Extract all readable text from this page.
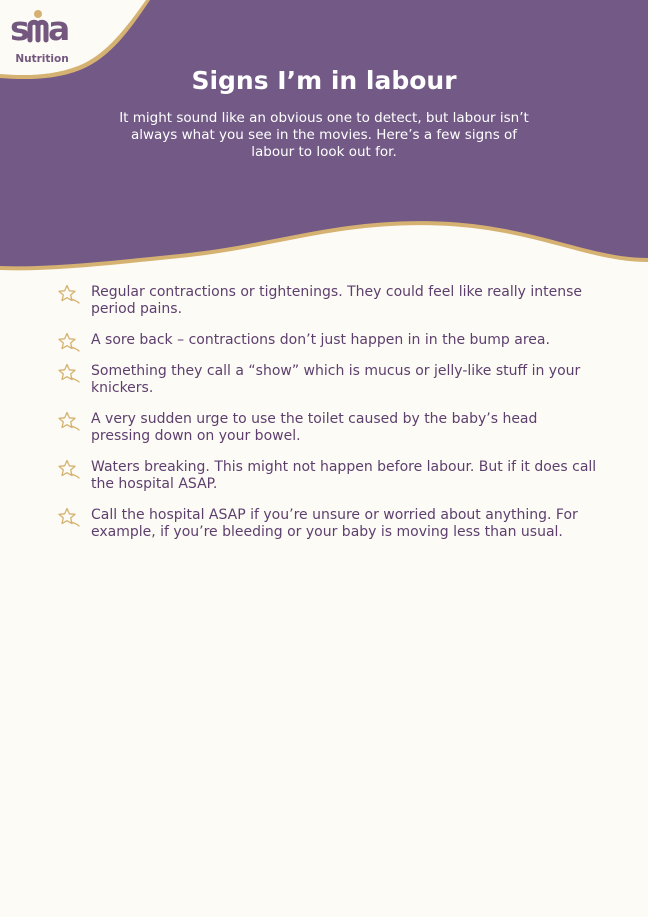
s a
Nutrition
Signs I’m in labour

It might sound like an obvious one to detect, but labour isn’t always what you see in the movies. Here’s a few signs of labour to look out for.

Regular contractions or tightenings. They could feel like really intense period pains.
A sore back – contractions don’t just happen in in the bump area.
Something they call a “show” which is mucus or jelly-like stuff in your knickers.
A very sudden urge to use the toilet caused by the baby’s head pressing down on your bowel.
Waters breaking. This might not happen before labour. But if it does call the hospital ASAP.
Call the hospital ASAP if you’re unsure or worried about anything. For example, if you’re bleeding or your baby is moving less than usual.
